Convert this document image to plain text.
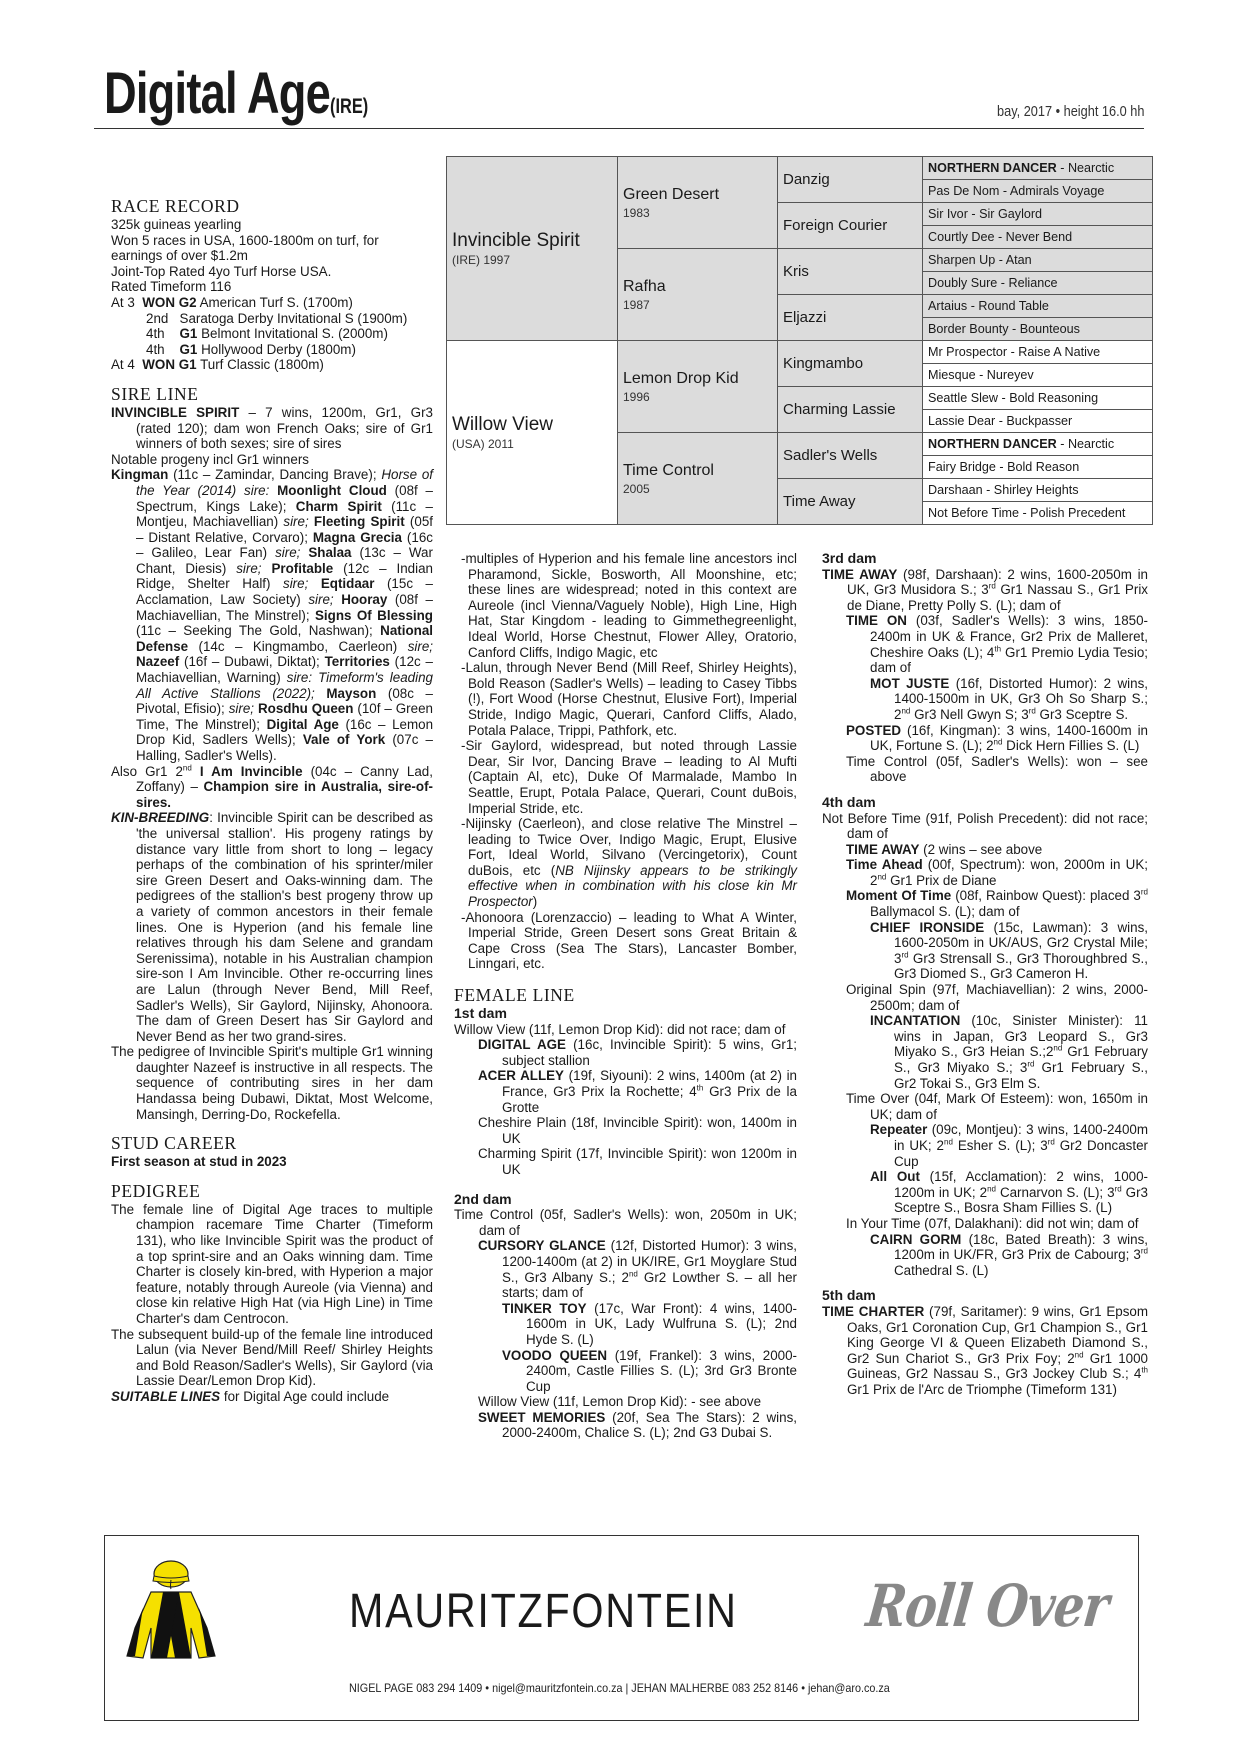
Digital Age(IRE)	bay, 2017 • height 16.0 hh
RACE RECORD

325k guineas yearling

Won 5 races in USA, 1600-1800m on turf, for earnings of over $1.2m

Joint-Top Rated 4yo Turf Horse USA.

Rated Timeform 116

At 3 WON G2 American Turf S. (1700m)

2nd Saratoga Derby Invitational S (1900m)

4th G1 Belmont Invitational S. (2000m)

4th G1 Hollywood Derby (1800m)

At 4 WON G1 Turf Classic (1800m)

SIRE LINE

INVINCIBLE SPIRIT – 7 wins, 1200m, Gr1, Gr3 (rated 120); dam won French Oaks; sire of Gr1 winners of both sexes; sire of sires

Notable progeny incl Gr1 winners

Kingman (11c – Zamindar, Dancing Brave); Horse of the Year (2014) sire: Moonlight Cloud (08f – Spectrum, Kings Lake); Charm Spirit (11c – Montjeu, Machiavellian) sire; Fleeting Spirit (05f – Distant Relative, Corvaro); Magna Grecia (16c – Galileo, Lear Fan) sire; Shalaa (13c – War Chant, Diesis) sire; Profitable (12c – Indian Ridge, Shelter Half) sire; Eqtidaar (15c – Acclamation, Law Society) sire; Hooray (08f – Machiavellian, The Minstrel); Signs Of Blessing (11c – Seeking The Gold, Nashwan); National Defense (14c – Kingmambo, Caerleon) sire; Nazeef (16f – Dubawi, Diktat); Territories (12c – Machiavellian, Warning) sire: Timeform's leading All Active Stallions (2022); Mayson (08c – Pivotal, Efisio); sire; Rosdhu Queen (10f – Green Time, The Minstrel); Digital Age (16c – Lemon Drop Kid, Sadlers Wells); Vale of York (07c – Halling, Sadler's Wells).

Also Gr1 2nd I Am Invincible (04c – Canny Lad, Zoffany) – Champion sire in Australia, sire-of-sires.

KIN-BREEDING: Invincible Spirit can be described as 'the universal stallion'. His progeny ratings by distance vary little from short to long – legacy perhaps of the combination of his sprinter/miler sire Green Desert and Oaks-winning dam. The pedigrees of the stallion's best progeny throw up a variety of common ancestors in their female lines. One is Hyperion (and his female line relatives through his dam Selene and grandam Serenissima), notable in his Australian champion sire-son I Am Invincible. Other re-occurring lines are Lalun (through Never Bend, Mill Reef, Sadler's Wells), Sir Gaylord, Nijinsky, Ahonoora. The dam of Green Desert has Sir Gaylord and Never Bend as her two grand-sires.

The pedigree of Invincible Spirit's multiple Gr1 winning daughter Nazeef is instructive in all respects. The sequence of contributing sires in her dam Handassa being Dubawi, Diktat, Most Welcome, Mansingh, Derring-Do, Rockefella.

STUD CAREER

First season at stud in 2023

PEDIGREE

The female line of Digital Age traces to multiple champion racemare Time Charter (Timeform 131), who like Invincible Spirit was the product of a top sprint-sire and an Oaks winning dam. Time Charter is closely kin-bred, with Hyperion a major feature, notably through Aureole (via Vienna) and close kin relative High Hat (via High Line) in Time Charter's dam Centrocon.

The subsequent build-up of the female line introduced Lalun (via Never Bend/Mill Reef/ Shirley Heights and Bold Reason/Sadler's Wells), Sir Gaylord (via Lassie Dear/Lemon Drop Kid).

SUITABLE LINES for Digital Age could include

Invincible Spirit
(IRE) 1997	Green Desert
1983	Danzig	NORTHERN DANCER - Nearctic
			Pas De Nom - Admirals Voyage
		Foreign Courier	Sir Ivor - Sir Gaylord
			Courtly Dee - Never Bend
	Rafha
1987	Kris	Sharpen Up - Atan
			Doubly Sure - Reliance
		Eljazzi	Artaius - Round Table
			Border Bounty - Bounteous
Willow View
(USA) 2011	Lemon Drop Kid
1996	Kingmambo	Mr Prospector - Raise A Native
			Miesque - Nureyev
		Charming Lassie	Seattle Slew - Bold Reasoning
			Lassie Dear - Buckpasser
	Time Control
2005	Sadler's Wells	NORTHERN DANCER - Nearctic
			Fairy Bridge - Bold Reason
		Time Away	Darshaan - Shirley Heights
			Not Before Time - Polish Precedent

-multiples of Hyperion and his female line ancestors incl Pharamond, Sickle, Bosworth, All Moonshine, etc; these lines are widespread; noted in this context are Aureole (incl Vienna/Vaguely Noble), High Line, High Hat, Star Kingdom - leading to Gimmethegreenlight, Ideal World, Horse Chestnut, Flower Alley, Oratorio, Canford Cliffs, Indigo Magic, etc

-Lalun, through Never Bend (Mill Reef, Shirley Heights), Bold Reason (Sadler's Wells) – leading to Casey Tibbs (!), Fort Wood (Horse Chestnut, Elusive Fort), Imperial Stride, Indigo Magic, Querari, Canford Cliffs, Alado, Potala Palace, Trippi, Pathfork, etc.

-Sir Gaylord, widespread, but noted through Lassie Dear, Sir Ivor, Dancing Brave – leading to Al Mufti (Captain Al, etc), Duke Of Marmalade, Mambo In Seattle, Erupt, Potala Palace, Querari, Count duBois, Imperial Stride, etc.

-Nijinsky (Caerleon), and close relative The Minstrel – leading to Twice Over, Indigo Magic, Erupt, Elusive Fort, Ideal World, Silvano (Vercingetorix), Count duBois, etc (NB Nijinsky appears to be strikingly effective when in combination with his close kin Mr Prospector)

-Ahonoora (Lorenzaccio) – leading to What A Winter, Imperial Stride, Green Desert sons Great Britain & Cape Cross (Sea The Stars), Lancaster Bomber, Linngari, etc.

FEMALE LINE
1st dam

Willow View (11f, Lemon Drop Kid): did not race; dam of

DIGITAL AGE (16c, Invincible Spirit): 5 wins, Gr1; subject stallion

ACER ALLEY (19f, Siyouni): 2 wins, 1400m (at 2) in France, Gr3 Prix la Rochette; 4th Gr3 Prix de la Grotte

Cheshire Plain (18f, Invincible Spirit): won, 1400m in UK

Charming Spirit (17f, Invincible Spirit): won 1200m in UK

2nd dam

Time Control (05f, Sadler's Wells): won, 2050m in UK; dam of

CURSORY GLANCE (12f, Distorted Humor): 3 wins, 1200-1400m (at 2) in UK/IRE, Gr1 Moyglare Stud S., Gr3 Albany S.; 2nd Gr2 Lowther S. – all her starts; dam of

TINKER TOY (17c, War Front): 4 wins, 1400-1600m in UK, Lady Wulfruna S. (L); 2nd Hyde S. (L)

VOODO QUEEN (19f, Frankel): 3 wins, 2000-2400m, Castle Fillies S. (L); 3rd Gr3 Bronte Cup

Willow View (11f, Lemon Drop Kid): - see above

SWEET MEMORIES (20f, Sea The Stars): 2 wins, 2000-2400m, Chalice S. (L); 2nd G3 Dubai S.

3rd dam

TIME AWAY (98f, Darshaan): 2 wins, 1600-2050m in UK, Gr3 Musidora S.; 3rd Gr1 Nassau S., Gr1 Prix de Diane, Pretty Polly S. (L); dam of

TIME ON (03f, Sadler's Wells): 3 wins, 1850-2400m in UK & France, Gr2 Prix de Malleret, Cheshire Oaks (L); 4th Gr1 Premio Lydia Tesio; dam of

MOT JUSTE (16f, Distorted Humor): 2 wins, 1400-1500m in UK, Gr3 Oh So Sharp S.; 2nd Gr3 Nell Gwyn S; 3rd Gr3 Sceptre S.

POSTED (16f, Kingman): 3 wins, 1400-1600m in UK, Fortune S. (L); 2nd Dick Hern Fillies S. (L)

Time Control (05f, Sadler's Wells): won – see above

4th dam

Not Before Time (91f, Polish Precedent): did not race; dam of

TIME AWAY (2 wins – see above

Time Ahead (00f, Spectrum): won, 2000m in UK; 2nd Gr1 Prix de Diane

Moment Of Time (08f, Rainbow Quest): placed 3rd Ballymacol S. (L); dam of

CHIEF IRONSIDE (15c, Lawman): 3 wins, 1600-2050m in UK/AUS, Gr2 Crystal Mile; 3rd Gr3 Strensall S., Gr3 Thoroughbred S., Gr3 Diomed S., Gr3 Cameron H.

Original Spin (97f, Machiavellian): 2 wins, 2000-2500m; dam of

INCANTATION (10c, Sinister Minister): 11 wins in Japan, Gr3 Leopard S., Gr3 Miyako S., Gr3 Heian S.;2nd Gr1 February S., Gr3 Miyako S.; 3rd Gr1 February S., Gr2 Tokai S., Gr3 Elm S.

Time Over (04f, Mark Of Esteem): won, 1650m in UK; dam of

Repeater (09c, Montjeu): 3 wins, 1400-2400m in UK; 2nd Esher S. (L); 3rd Gr2 Doncaster Cup

All Out (15f, Acclamation): 2 wins, 1000-1200m in UK; 2nd Carnarvon S. (L); 3rd Gr3 Sceptre S., Bosra Sham Fillies S. (L)

In Your Time (07f, Dalakhani): did not win; dam of

CAIRN GORM (18c, Bated Breath): 3 wins, 1200m in UK/FR, Gr3 Prix de Cabourg; 3rd Cathedral S. (L)

5th dam

TIME CHARTER (79f, Saritamer): 9 wins, Gr1 Epsom Oaks, Gr1 Coronation Cup, Gr1 Champion S., Gr1 King George VI & Queen Elizabeth Diamond S., Gr2 Sun Chariot S., Gr3 Prix Foy; 2nd Gr1 1000 Guineas, Gr2 Nassau S., Gr3 Jockey Club S.; 4th Gr1 Prix de l'Arc de Triomphe (Timeform 131)

MAURITZFONTEIN Roll Over
NIGEL PAGE 083 294 1409 • nigel@mauritzfontein.co.za | JEHAN MALHERBE 083 252 8146 • jehan@aro.co.za
